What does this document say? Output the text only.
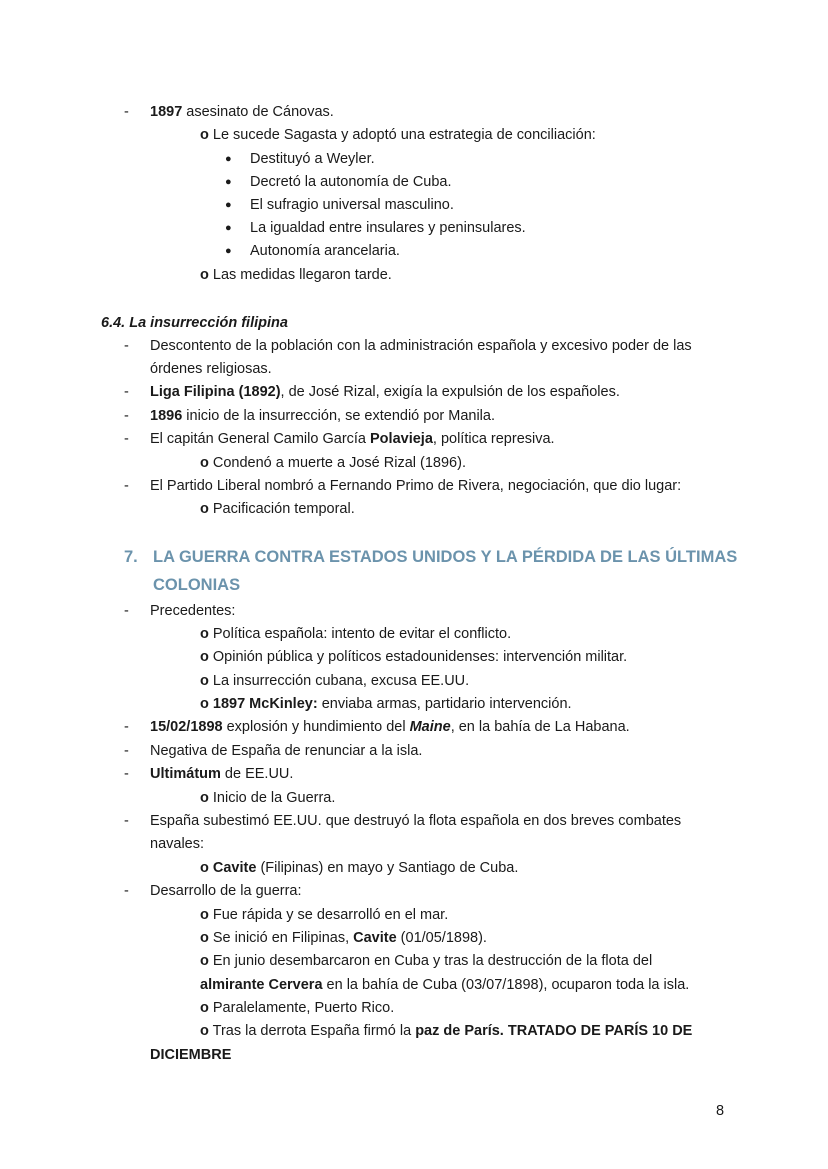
- 1897 asesinato de Cánovas.
o Le sucede Sagasta y adoptó una estrategia de conciliación:
● Destituyó a Weyler.
● Decretó la autonomía de Cuba.
● El sufragio universal masculino.
● La igualdad entre insulares y peninsulares.
● Autonomía arancelaria.
o Las medidas llegaron tarde.
6.4. La insurrección filipina
- Descontento de la población con la administración española y excesivo poder de las
órdenes religiosas.
- Liga Filipina (1892), de José Rizal, exigía la expulsión de los españoles.
- 1896 inicio de la insurrección, se extendió por Manila.
- El capitán General Camilo García Polavieja, política represiva.
o Condenó a muerte a José Rizal (1896).
- El Partido Liberal nombró a Fernando Primo de Rivera, negociación, que dio lugar:
o Pacificación temporal.
7. LA GUERRA CONTRA ESTADOS UNIDOS Y LA PÉRDIDA DE LAS ÚLTIMAS
COLONIAS
- Precedentes:
o Política española: intento de evitar el conflicto.
o Opinión pública y políticos estadounidenses: intervención militar.
o La insurrección cubana, excusa EE.UU.
o 1897 McKinley: enviaba armas, partidario intervención.
- 15/02/1898 explosión y hundimiento del Maine, en la bahía de La Habana.
- Negativa de España de renunciar a la isla.
- Ultimátum de EE.UU.
o Inicio de la Guerra.
- España subestimó EE.UU. que destruyó la flota española en dos breves combates
navales:
o Cavite (Filipinas) en mayo y Santiago de Cuba.
- Desarrollo de la guerra:
o Fue rápida y se desarrolló en el mar.
o Se inició en Filipinas, Cavite (01/05/1898).
o En junio desembarcaron en Cuba y tras la destrucción de la flota del
almirante Cervera en la bahía de Cuba (03/07/1898), ocuparon toda la isla.
o Paralelamente, Puerto Rico.
o Tras la derrota España firmó la paz de París. TRATADO DE PARÍS 10 DE
DICIEMBRE
8
